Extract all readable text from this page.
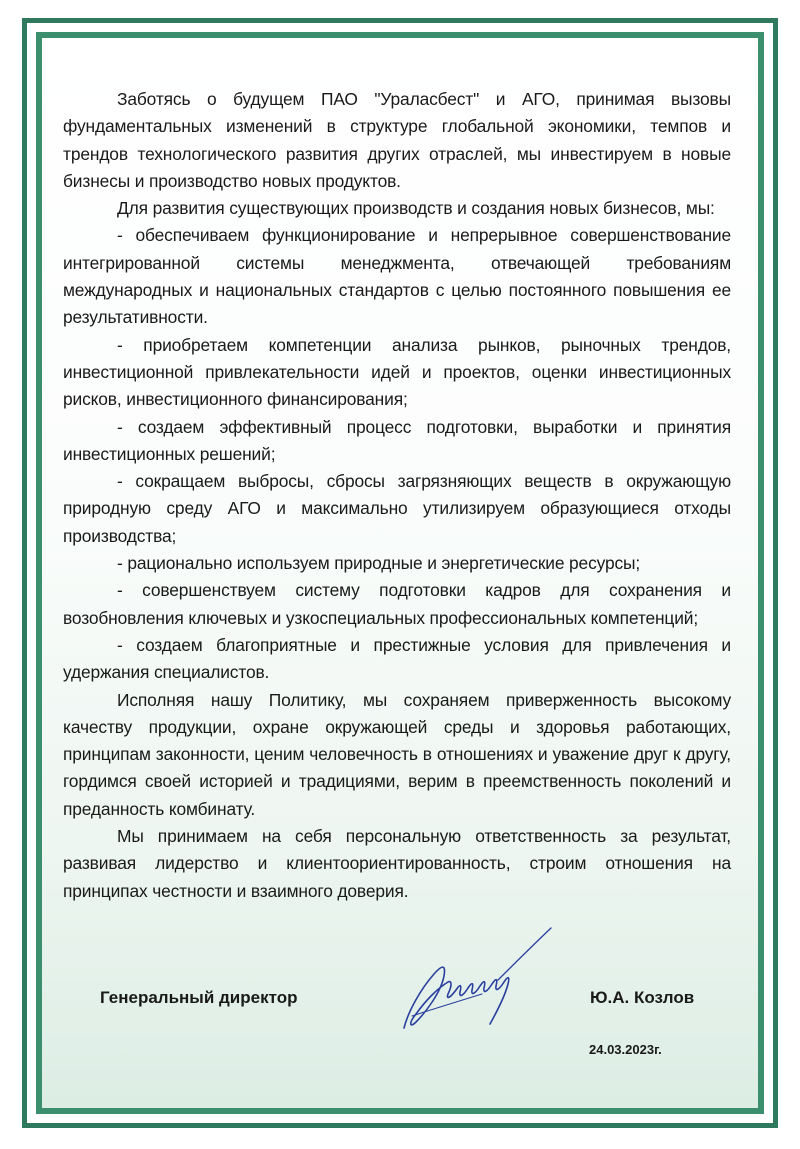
Заботясь о будущем ПАО "Ураласбест" и АГО, принимая вызовы фундаментальных изменений в структуре глобальной экономики, темпов и трендов технологического развития других отраслей, мы инвестируем в новые бизнесы и производство новых продуктов.

Для развития существующих производств и создания новых бизнесов, мы:

- обеспечиваем функционирование и непрерывное совершенствование интегрированной системы менеджмента, отвечающей требованиям международных и национальных стандартов с целью постоянного повышения ее результативности.

- приобретаем компетенции анализа рынков, рыночных трендов, инвестиционной привлекательности идей и проектов, оценки инвестиционных рисков, инвестиционного финансирования;

- создаем эффективный процесс подготовки, выработки и принятия инвестиционных решений;

- сокращаем выбросы, сбросы загрязняющих веществ в окружающую природную среду АГО и максимально утилизируем образующиеся отходы производства;

- рационально используем природные и энергетические ресурсы;

- совершенствуем систему подготовки кадров для сохранения и возобновления ключевых и узкоспециальных профессиональных компетенций;

- создаем благоприятные и престижные условия для привлечения и удержания специалистов.

Исполняя нашу Политику, мы сохраняем приверженность высокому качеству продукции, охране окружающей среды и здоровья работающих, принципам законности, ценим человечность в отношениях и уважение друг к другу, гордимся своей историей и традициями, верим в преемственность поколений и преданность комбинату.

Мы принимаем на себя персональную ответственность за результат, развивая лидерство и клиентоориентированность, строим отношения на принципах честности и взаимного доверия.

Генеральный директор	Ю.А. Козлов
24.03.2023г.
